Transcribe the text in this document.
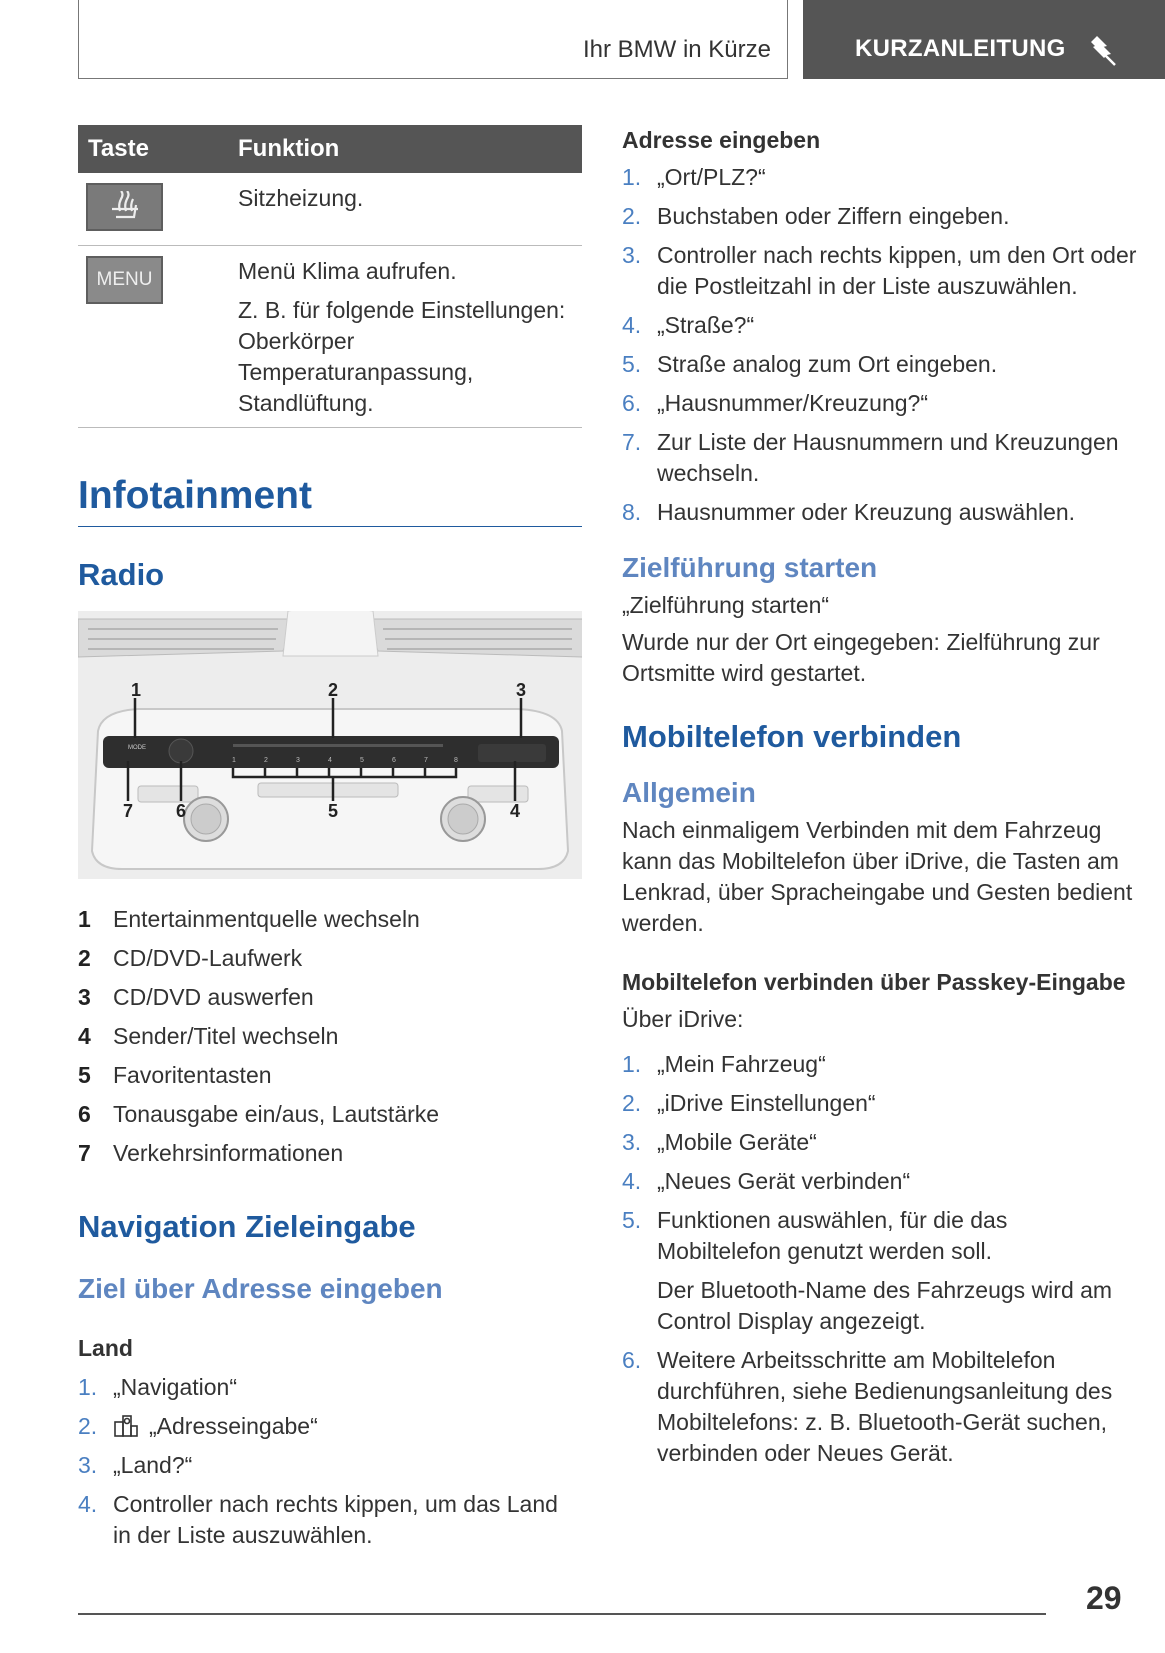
Ihr BMW in Kürze	KURZANLEITUNG
Taste	Funktion

Sitzheizung.

MENU	Menü Klima aufrufen.

Z. B. für folgende Einstellungen: Oberkörper Temperaturanpassung, Standlüftung.

Infotainment
Radio
MODE
1	2	3	4	5	6	7	8
1	2	3
4
5
6
7
1 Entertainmentquelle wechseln
2 CD/DVD-Laufwerk
3 CD/DVD auswerfen
4 Sender/Titel wechseln
5 Favoritentasten
6 Tonausgabe ein/aus, Lautstärke
7 Verkehrsinformationen
Navigation Zieleingabe
Ziel über Adresse eingeben
Land
1. „Navigation“
2.	„Adresseingabe“
3. „Land?“
4. Controller nach rechts kippen, um das Land in der Liste auszuwählen.
Adresse eingeben
1. „Ort/PLZ?“
2. Buchstaben oder Ziffern eingeben.
3. Controller nach rechts kippen, um den Ort oder die Postleitzahl in der Liste auszuwählen.
4. „Straße?“
5. Straße analog zum Ort eingeben.
6. „Hausnummer/Kreuzung?“
7. Zur Liste der Hausnummern und Kreuzungen wechseln.
8. Hausnummer oder Kreuzung auswählen.
Zielführung starten

„Zielführung starten“

Wurde nur der Ort eingegeben: Zielführung zur Ortsmitte wird gestartet.

Mobiltelefon verbinden
Allgemein

Nach einmaligem Verbinden mit dem Fahrzeug kann das Mobiltelefon über iDrive, die Tasten am Lenkrad, über Spracheingabe und Gesten bedient werden.

Mobiltelefon verbinden über Passkey-Eingabe

Über iDrive:

1. „Mein Fahrzeug“
2. „iDrive Einstellungen“
3. „Mobile Geräte“
4. „Neues Gerät verbinden“
5. Funktionen auswählen, für die das Mobiltelefon genutzt werden soll.

Der Bluetooth-Name des Fahrzeugs wird am Control Display angezeigt.

6. Weitere Arbeitsschritte am Mobiltelefon durchführen, siehe Bedienungsanleitung des Mobiltelefons: z. B. Bluetooth-Gerät suchen, verbinden oder Neues Gerät.
29
